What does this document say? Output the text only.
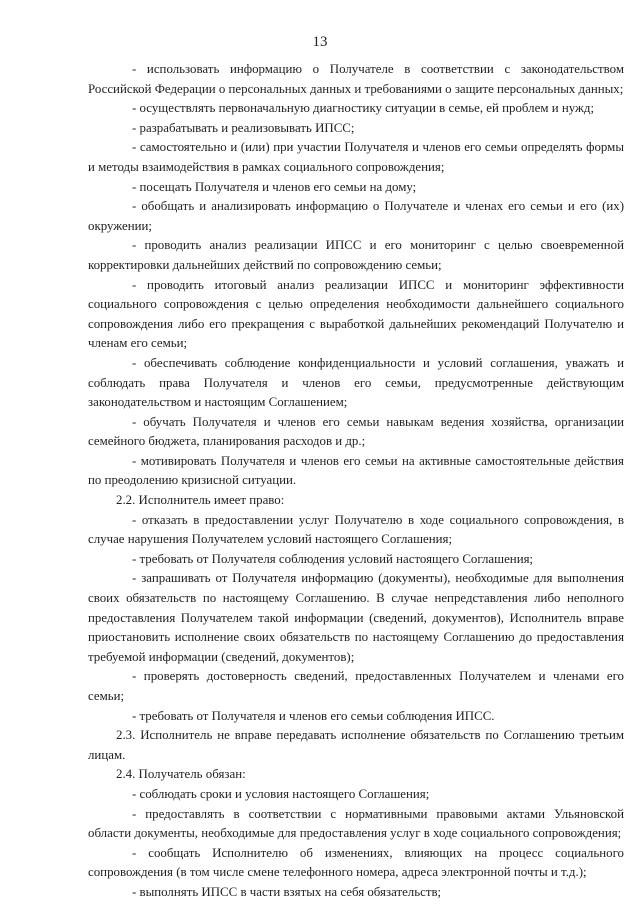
13

- использовать информацию о Получателе в соответствии с законодательством Российской Федерации о персональных данных и требованиями о защите персональных данных;

- осуществлять первоначальную диагностику ситуации в семье, ей проблем и нужд;

- разрабатывать и реализовывать ИПСС;

- самостоятельно и (или) при участии Получателя и членов его семьи определять формы и методы взаимодействия в рамках социального сопровождения;

- посещать Получателя и членов его семьи на дому;

- обобщать и анализировать информацию о Получателе и членах его семьи и его (их) окружении;

- проводить анализ реализации ИПСС и его мониторинг с целью своевременной корректировки дальнейших действий по сопровождению семьи;

- проводить итоговый анализ реализации ИПСС и мониторинг эффективности социального сопровождения с целью определения необходимости дальнейшего социального сопровождения либо его прекращения с выработкой дальнейших рекомендаций Получателю и членам его семьи;

- обеспечивать соблюдение конфиденциальности и условий соглашения, уважать и соблюдать права Получателя и членов его семьи, предусмотренные действующим законодательством и настоящим Соглашением;

- обучать Получателя и членов его семьи навыкам ведения хозяйства, организации семейного бюджета, планирования расходов и др.;

- мотивировать Получателя и членов его семьи на активные самостоятельные действия по преодолению кризисной ситуации.

2.2. Исполнитель имеет право:

- отказать в предоставлении услуг Получателю в ходе социального сопровождения, в случае нарушения Получателем условий настоящего Соглашения;

- требовать от Получателя соблюдения условий настоящего Соглашения;

- запрашивать от Получателя информацию (документы), необходимые для выполнения своих обязательств по настоящему Соглашению. В случае непредставления либо неполного предоставления Получателем такой информации (сведений, документов), Исполнитель вправе приостановить исполнение своих обязательств по настоящему Соглашению до предоставления требуемой информации (сведений, документов);

- проверять достоверность сведений, предоставленных Получателем и членами его семьи;

- требовать от Получателя и членов его семьи соблюдения ИПСС.

2.3. Исполнитель не вправе передавать исполнение обязательств по Соглашению третьим лицам.

2.4. Получатель обязан:

- соблюдать сроки и условия настоящего Соглашения;

- предоставлять в соответствии с нормативными правовыми актами Ульяновской области документы, необходимые для предоставления услуг в ходе социального сопровождения;

- сообщать Исполнителю об изменениях, влияющих на процесс социального сопровождения (в том числе смене телефонного номера, адреса электронной почты и т.д.);

- выполнять ИПСС в части взятых на себя обязательств;
